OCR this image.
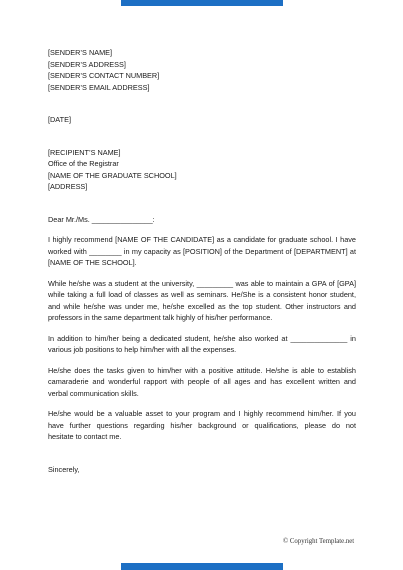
[SENDER’S NAME]
[SENDER’S ADDRESS]
[SENDER’S CONTACT NUMBER]
[SENDER’S EMAIL ADDRESS]
[DATE]
[RECIPIENT’S NAME]
Office of the Registrar
[NAME OF THE GRADUATE SCHOOL]
[ADDRESS]
Dear Mr./Ms. _______________:
I highly recommend [NAME OF THE CANDIDATE] as a candidate for graduate school. I have
worked with ________ in my capacity as [POSITION] of the Department of [DEPARTMENT] at
[NAME OF THE SCHOOL].
While he/she was a student at the university, _________ was able to maintain a GPA of [GPA]
while taking a full load of classes as well as seminars. He/She is a consistent honor student,
and while he/she was under me, he/she excelled as the top student. Other instructors and
professors in the same department talk highly of his/her performance.
In addition to him/her being a dedicated student, he/she also worked at ______________ in
various job positions to help him/her with all the expenses.
He/she does the tasks given to him/her with a positive attitude. He/she is able to establish
camaraderie and wonderful rapport with people of all ages and has excellent written and
verbal communication skills.
He/she would be a valuable asset to your program and I highly recommend him/her. If you
have further questions regarding his/her background or qualifications, please do not
hesitate to contact me.
Sincerely,
© Copyright Template.net
